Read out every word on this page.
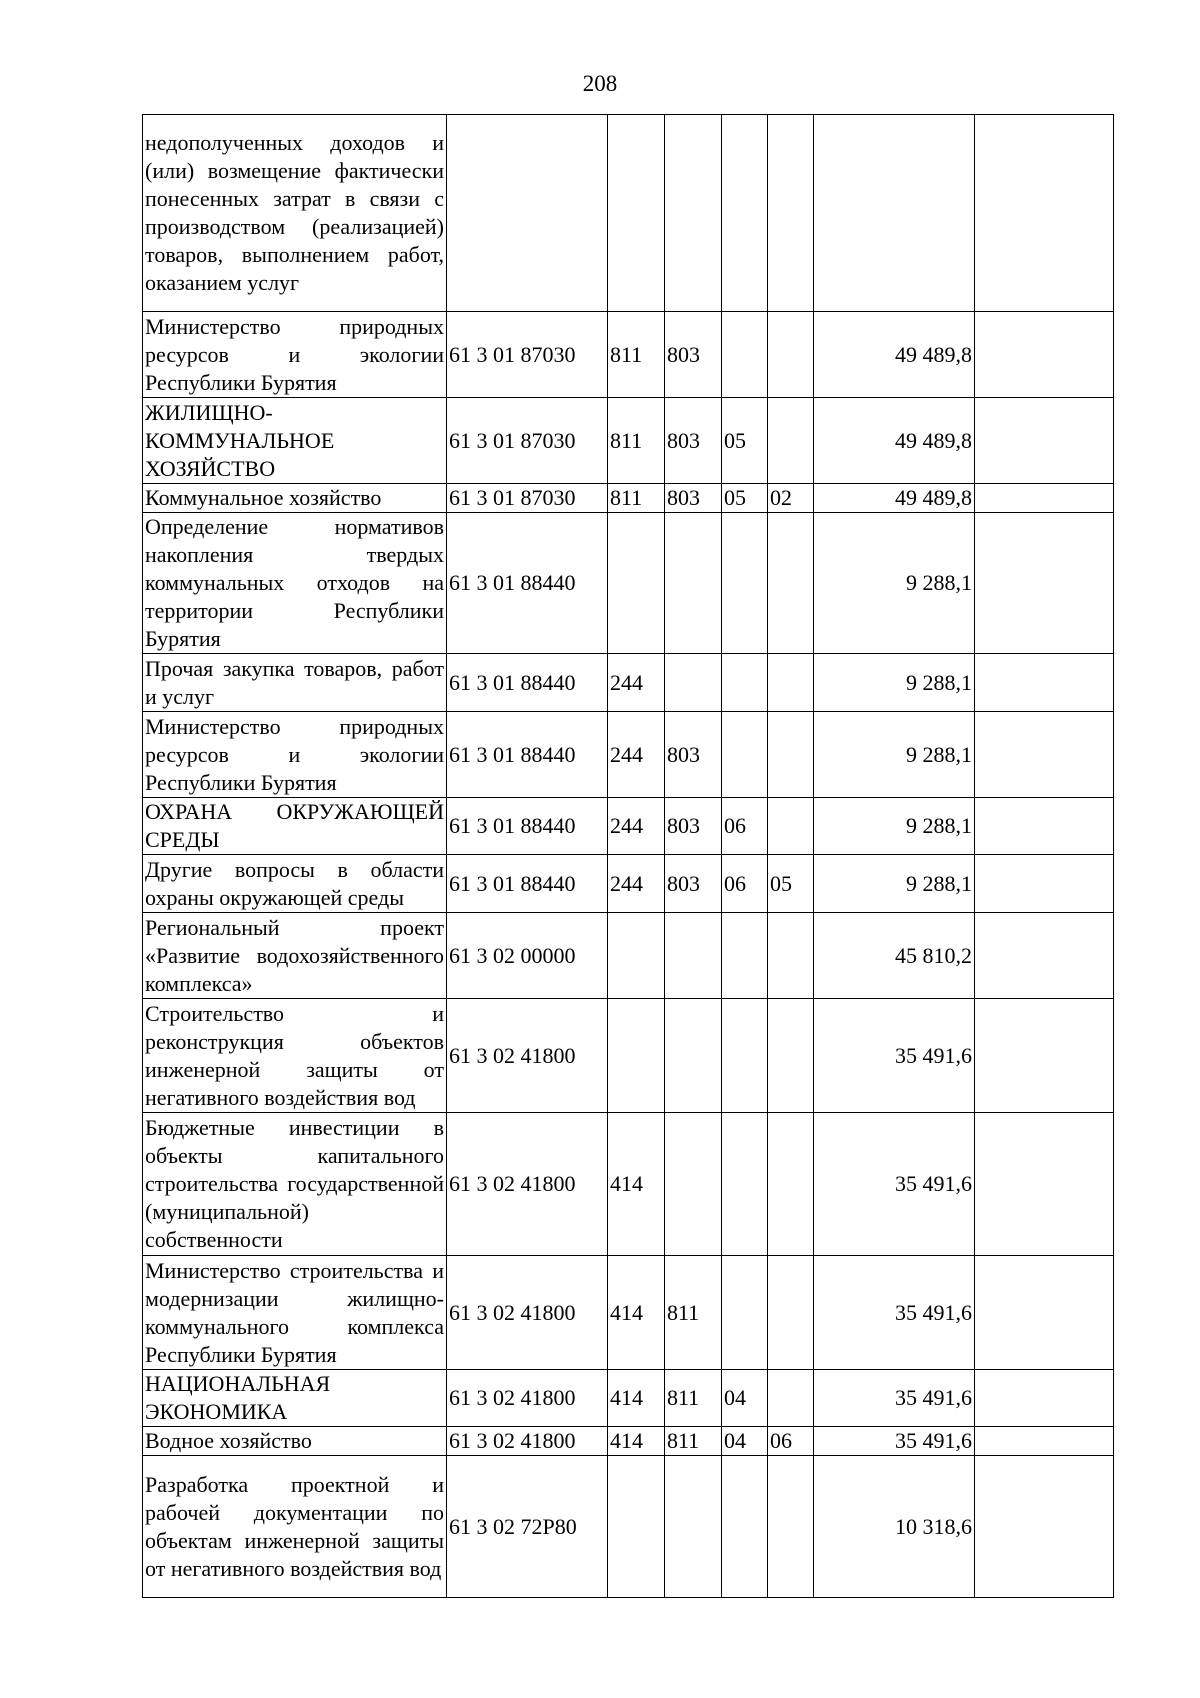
208
недополученных доходов и (или) возмещение фактически понесенных затрат в связи с производством (реализацией) товаров, выполнением работ, оказанием услуг							
Министерство природных ресурсов и экологии Республики Бурятия	61 3 01 87030	811	803			49 489,8	
ЖИЛИЩНО-КОММУНАЛЬНОЕ ХОЗЯЙСТВО	61 3 01 87030	811	803	05		49 489,8	
Коммунальное хозяйство	61 3 01 87030	811	803	05	02	49 489,8	
Определение нормативов накопления твердых коммунальных отходов на территории Республики Бурятия	61 3 01 88440					9 288,1	
Прочая закупка товаров, работ и услуг	61 3 01 88440	244				9 288,1	
Министерство природных ресурсов и экологии Республики Бурятия	61 3 01 88440	244	803			9 288,1	
ОХРАНА ОКРУЖАЮЩЕЙ СРЕДЫ	61 3 01 88440	244	803	06		9 288,1	
Другие вопросы в области охраны окружающей среды	61 3 01 88440	244	803	06	05	9 288,1	
Региональный проект «Развитие водохозяйственного комплекса»	61 3 02 00000					45 810,2	
Строительство и реконструкция объектов инженерной защиты от негативного воздействия вод	61 3 02 41800					35 491,6	
Бюджетные инвестиции в объекты капитального строительства государственной (муниципальной) собственности	61 3 02 41800	414				35 491,6	
Министерство строительства и модернизации жилищно-коммунального комплекса Республики Бурятия	61 3 02 41800	414	811			35 491,6	
НАЦИОНАЛЬНАЯ ЭКОНОМИКА	61 3 02 41800	414	811	04		35 491,6	
Водное хозяйство	61 3 02 41800	414	811	04	06	35 491,6	
Разработка проектной и рабочей документации по объектам инженерной защиты от негативного воздействия вод	61 3 02 72Р80					10 318,6	
